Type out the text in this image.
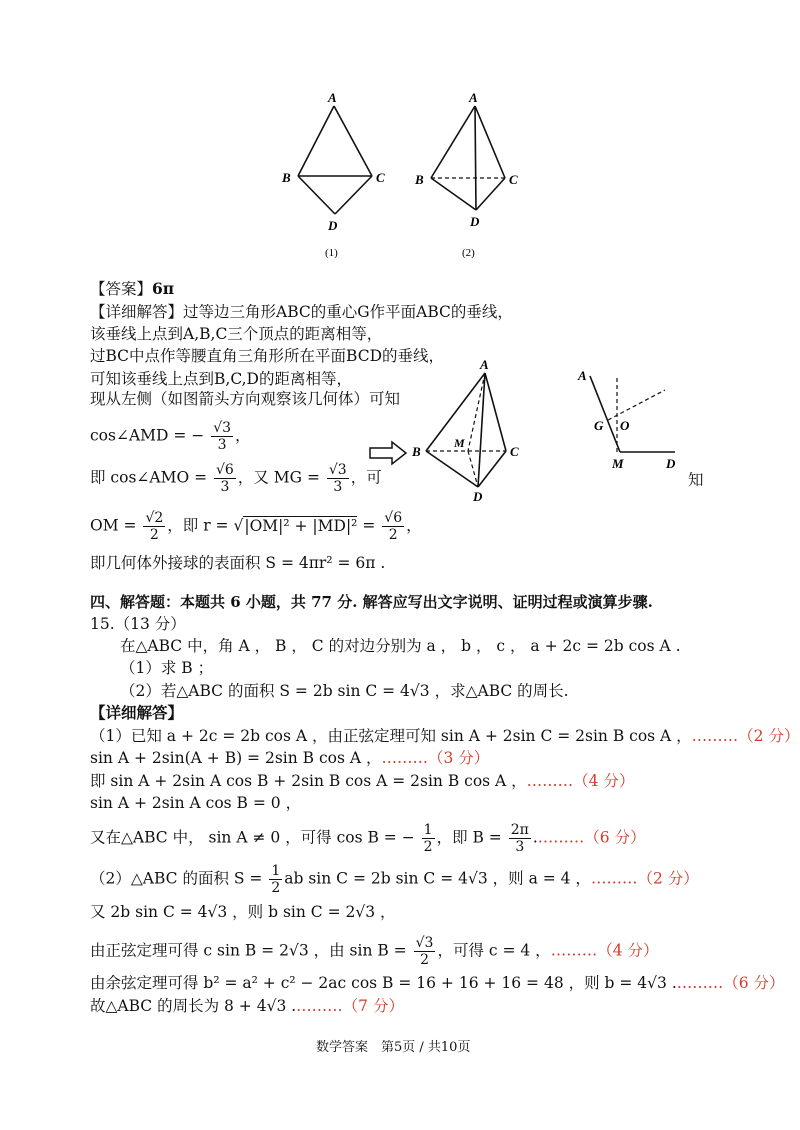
A
B	C
D
(1)
A
B	C
D
(2)
【答案】6π
【详细解答】过等边三角形ABC的重心G作平面ABC的垂线，
该垂线上点到A,B,C三个顶点的距离相等，
过BC中点作等腰直角三角形所在平面BCD的垂线，
可知该垂线上点到B,C,D的距离相等，
现从左侧（如图箭头方向观察该几何体）可知
cos∠AMD = − $\frac{√3}{3}$ ，
即 cos∠AMO = $\frac{√6}{3}$ ，又 MG = $\frac{√3}{3}$ ，可
OM = $\frac{√2}{2}$ ，即 $r = √|OM|^2 + |MD|^2 = \frac{√6}{2}$ ，
即几何体外接球的表面积 S = 4πr² = 6π .
A
B	C
M
D
A
G O
M	D
知
四、解答题：本题共 6 小题，共 77 分. 解答应写出文字说明、证明过程或演算步骤.
15.（13 分）
在△ABC 中，角 A ， B ， C 的对边分别为 a ， b ， c ， a + 2c = 2b cos A .
（1）求 B ；
（2）若△ABC 的面积 S = 2b sin C = 4√3 ，求△ABC 的周长.
【详细解答】
（1）已知 a + 2c = 2b cos A ，由正弦定理可知 sin A + 2sin C = 2sin B cos A ，………（2 分）
sin A + 2sin(A + B) = 2sin B cos A ，………（3 分）
即 sin A + 2sin A cos B + 2sin B cos A = 2sin B cos A ，………（4 分）
sin A + 2sin A cos B = 0 ，
又在△ABC 中， sin A ≠ 0 ，可得 cos B = − $\frac{1}{2}$ ，即 $B = \frac{2\pi}{3}$ .………（6 分）
（2）△ABC 的面积 $S = \frac{1}{2}$ ab sin C = 2b sin C = 4√3 ，则 a = 4 ，………（2 分）
又 2b sin C = 4√3 ，则 b sin C = 2√3 ，
由正弦定理可得 c sin B = 2√3 ，由 $\sin B = \frac{√3}{2}$ ，可得 c = 4 ，………（4 分）
由余弦定理可得 b² = a² + c² − 2ac cos B = 16 + 16 + 16 = 48 ，则 b = 4√3 .………（6 分）
故△ABC 的周长为 8 + 4√3 .………（7 分）
数学答案　第5页 / 共10页
